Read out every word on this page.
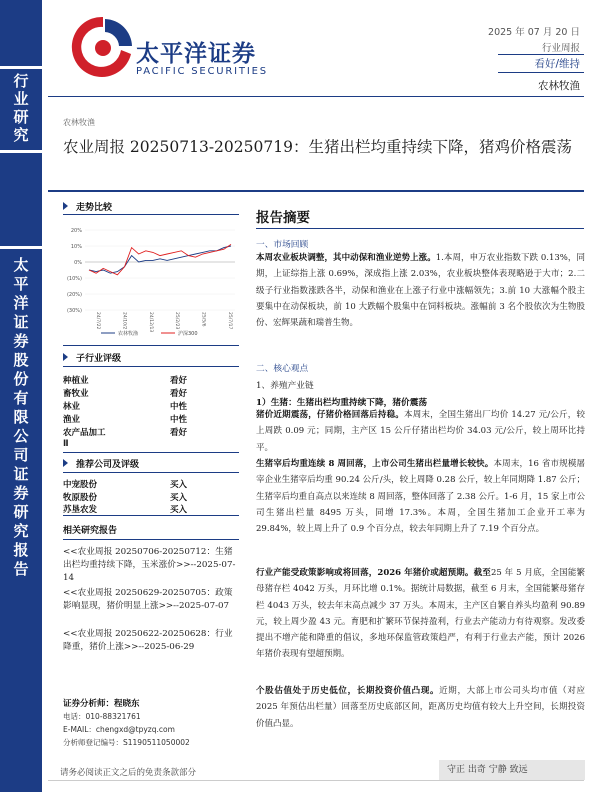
行
业
研
究
太
平
洋
证
券
股
份
有
限
公
司
证
券
研
究
报
告
太平洋证券
PACIFIC SECURITIES
2025 年 07 月 20 日
行业周报
看好/维持
农林牧渔
农林牧渔
农业周报 20250713-20250719：生猪出栏均重持续下降，猪鸡价格震荡
走势比较
20%
10%
0%
(10%)
(20%)
(30%)
24/7/22	24/10/2	24/12/13	25/2/23	25/5/6	25/7/17
农林牧渔	沪深300
子行业评级
种植业	看好
畜牧业	看好
林业	中性
渔业	中性
农产品加工	看好
Ⅱ
推荐公司及评级
中宠股份	买入
牧原股份	买入
苏垦农发	买入
相关研究报告
<<农业周报 20250706-20250712：生猪出栏均重持续下降，玉米涨价>>--2025-07-14
<<农业周报 20250629-20250705：政策影响显现，猪价明显上涨>>--2025-07-07
<<农业周报 20250622-20250628：行业降重，猪价上涨>>--2025-06-29
证券分析师：程晓东
电话：010-88321761
E-MAIL：chengxd@tpyzq.com
分析师登记编号：S1190511050002
报告摘要
一、市场回顾
本周农业板块调整，其中动保和渔业逆势上涨。1.本周，申万农业指数下跌 0.13%，同期，上证综指上涨 0.69%，深成指上涨 2.03%，农业板块整体表现略逊于大市；2.二级子行业指数涨跌各半，动保和渔业在上涨子行业中涨幅领先；3.前 10 大涨幅个股主要集中在动保板块，前 10 大跌幅个股集中在饲料板块。涨幅前 3 名个股依次为生物股份、宏辉果蔬和瑞普生物。
二、核心观点
1、养殖产业链
1）生猪：生猪出栏均重持续下降，猪价震荡
猪价近期震荡，仔猪价格回落后持稳。本周末，全国生猪出厂均价 14.27 元/公斤，较上周跌 0.09 元；同期，主产区 15 公斤仔猪出栏均价 34.03 元/公斤，较上周环比持平。
生猪宰后均重连续 8 周回落，上市公司生猪出栏量增长较快。本周末，16 省市规模屠宰企业生猪宰后均重 90.24 公斤/头，较上周降 0.28 公斤，较上年同期降 1.87 公斤；生猪宰后均重自高点以来连续 8 周回落，整体回落了 2.38 公斤。1-6 月，15 家上市公司生猪出栏量 8495 万头，同增 17.3%。本周，全国生猪加工企业开工率为 29.84%，较上周上升了 0.9 个百分点，较去年同期上升了 7.19 个百分点。
行业产能受政策影响或将回落，2026 年猪价或超预期。截至25 年 5 月底，全国能繁母猪存栏 4042 万头，月环比增 0.1%。据统计局数据，截至 6 月末，全国能繁母猪存栏 4043 万头，较去年末高点减少 37 万头。本周末，主产区自繁自养头均盈利 90.89 元，较上周少盈 43 元。育肥和扩繁环节保持盈利，行业去产能动力有待观察。发改委提出不增产能和降重的倡议，多地环保监管政策趋严，有利于行业去产能，预计 2026 年猪价表现有望超预期。
个股估值处于历史低位，长期投资价值凸现。近期，大部上市公司头均市值（对应 2025 年预估出栏量）回落至历史底部区间，距离历史均值有较大上升空间，长期投资价值凸显。
请务必阅读正文之后的免责条款部分	守正 出奇 宁静 致远
